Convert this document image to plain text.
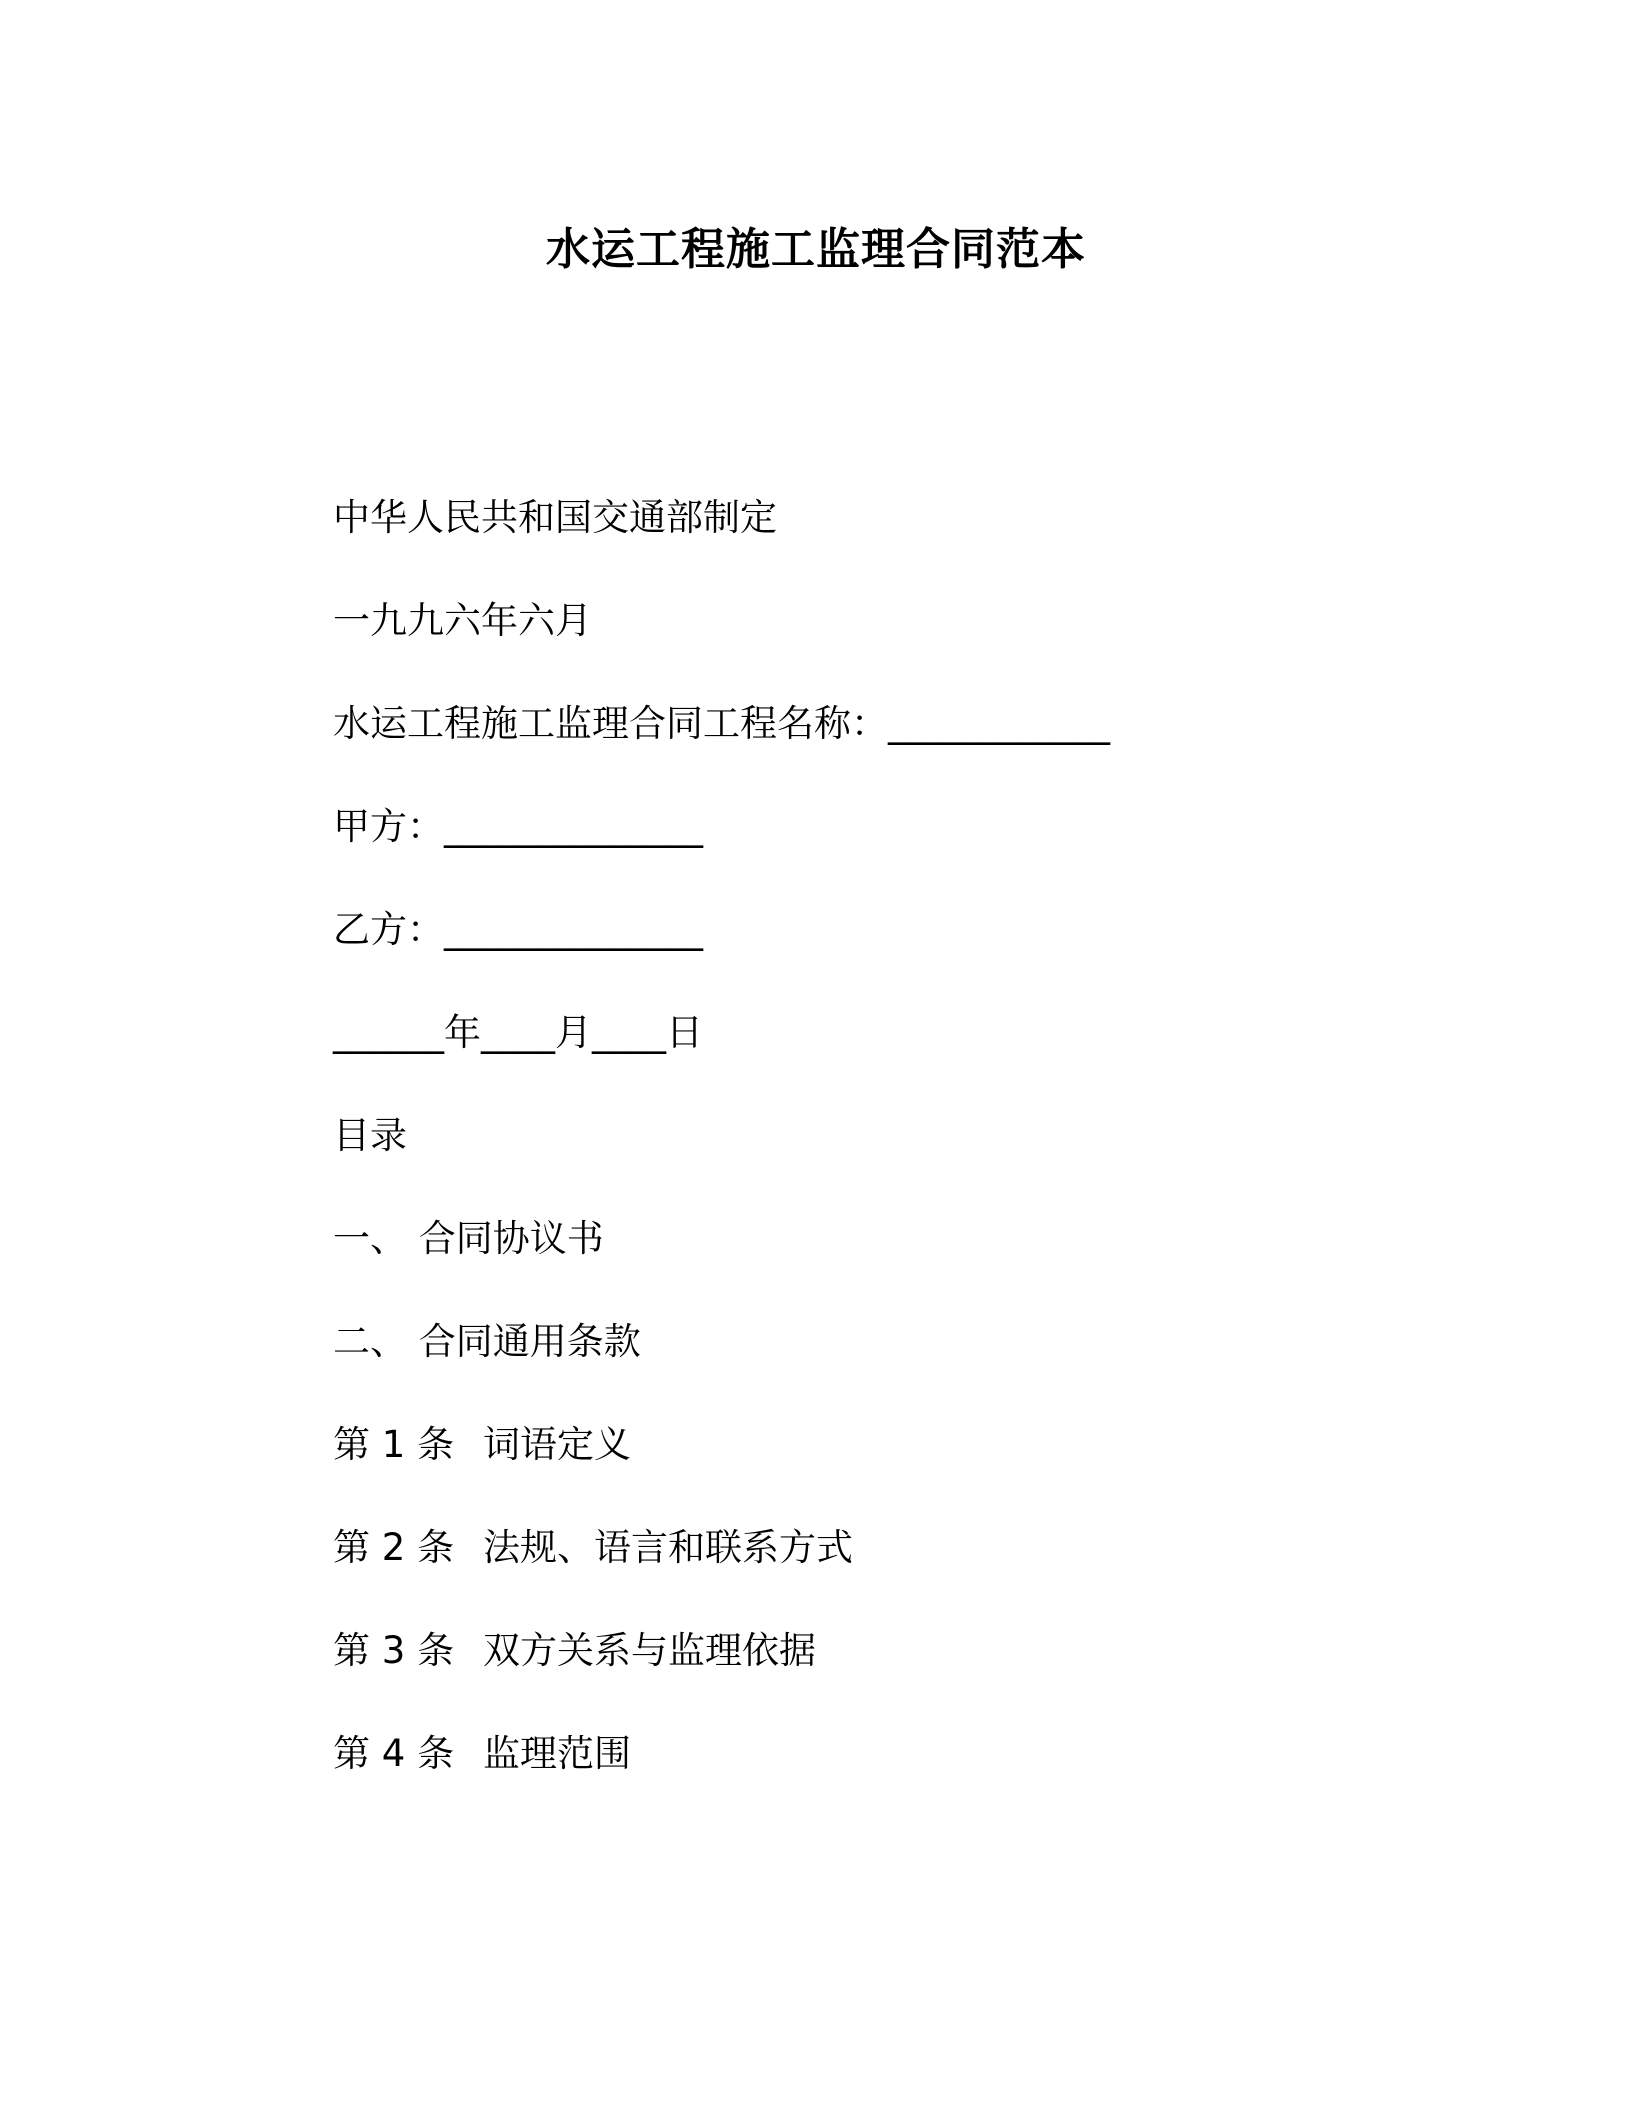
水运工程施工监理合同范本
中华人民共和国交通部制定
一九九六年六月
水运工程施工监理合同工程名称：____________
甲方：______________
乙方：______________
______年____月____日
目录
一、 合同协议书
二、 合同通用条款
第 1 条 词语定义
第 2 条 法规、语言和联系方式
第 3 条 双方关系与监理依据
第 4 条 监理范围
